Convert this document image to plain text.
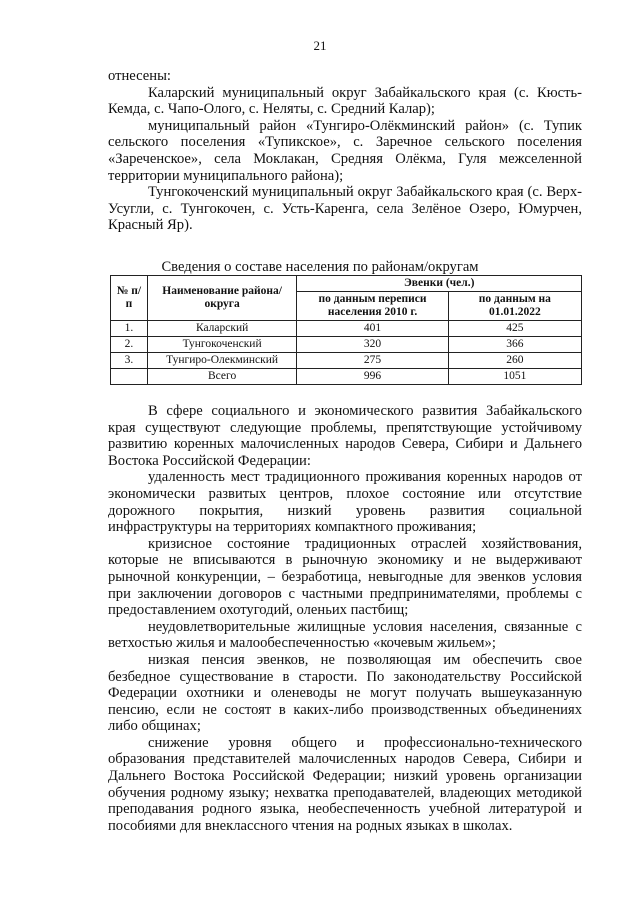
21

отнесены:

Каларский муниципальный округ Забайкальского края (с. Кюсть-Кемда, с. Чапо-Олого, с. Неляты, с. Средний Калар);

муниципальный район «Тунгиро-Олёкминский район» (с. Тупик сельского поселения «Тупикское», с. Заречное сельского поселения «Зареченское», села Моклакан, Средняя Олёкма, Гуля межселенной территории муниципального района);

Тунгокоченский муниципальный округ Забайкальского края (с. Верх-Усугли, с. Тунгокочен, с. Усть-Каренга, села Зелёное Озеро, Юмурчен, Красный Яр).

Сведения о составе населения по районам/округам
№ п/п	Наименование района/округа	Эвенки (чел.)	
		по данным переписи населения 2010 г.	по данным на 01.01.2022
1.	Каларский	401	425
2.	Тунгокоченский	320	366
3.	Тунгиро-Олекминский	275	260
	Всего	996	1051

В сфере социального и экономического развития Забайкальского края существуют следующие проблемы, препятствующие устойчивому развитию коренных малочисленных народов Севера, Сибири и Дальнего Востока Российской Федерации:

удаленность мест традиционного проживания коренных народов от экономически развитых центров, плохое состояние или отсутствие дорожного покрытия, низкий уровень развития социальной инфраструктуры на территориях компактного проживания;

кризисное состояние традиционных отраслей хозяйствования, которые не вписываются в рыночную экономику и не выдерживают рыночной конкуренции, – безработица, невыгодные для эвенков условия при заключении договоров с частными предпринимателями, проблемы с предоставлением охотугодий, оленьих пастбищ;

неудовлетворительные жилищные условия населения, связанные с ветхостью жилья и малообеспеченностью «кочевым жильем»;

низкая пенсия эвенков, не позволяющая им обеспечить свое безбедное существование в старости. По законодательству Российской Федерации охотники и оленеводы не могут получать вышеуказанную пенсию, если не состоят в каких-либо производственных объединениях либо общинах;

снижение уровня общего и профессионально-технического образования представителей малочисленных народов Севера, Сибири и Дальнего Востока Российской Федерации; низкий уровень организации обучения родному языку; нехватка преподавателей, владеющих методикой преподавания родного языка, необеспеченность учебной литературой и пособиями для внеклассного чтения на родных языках в школах.
